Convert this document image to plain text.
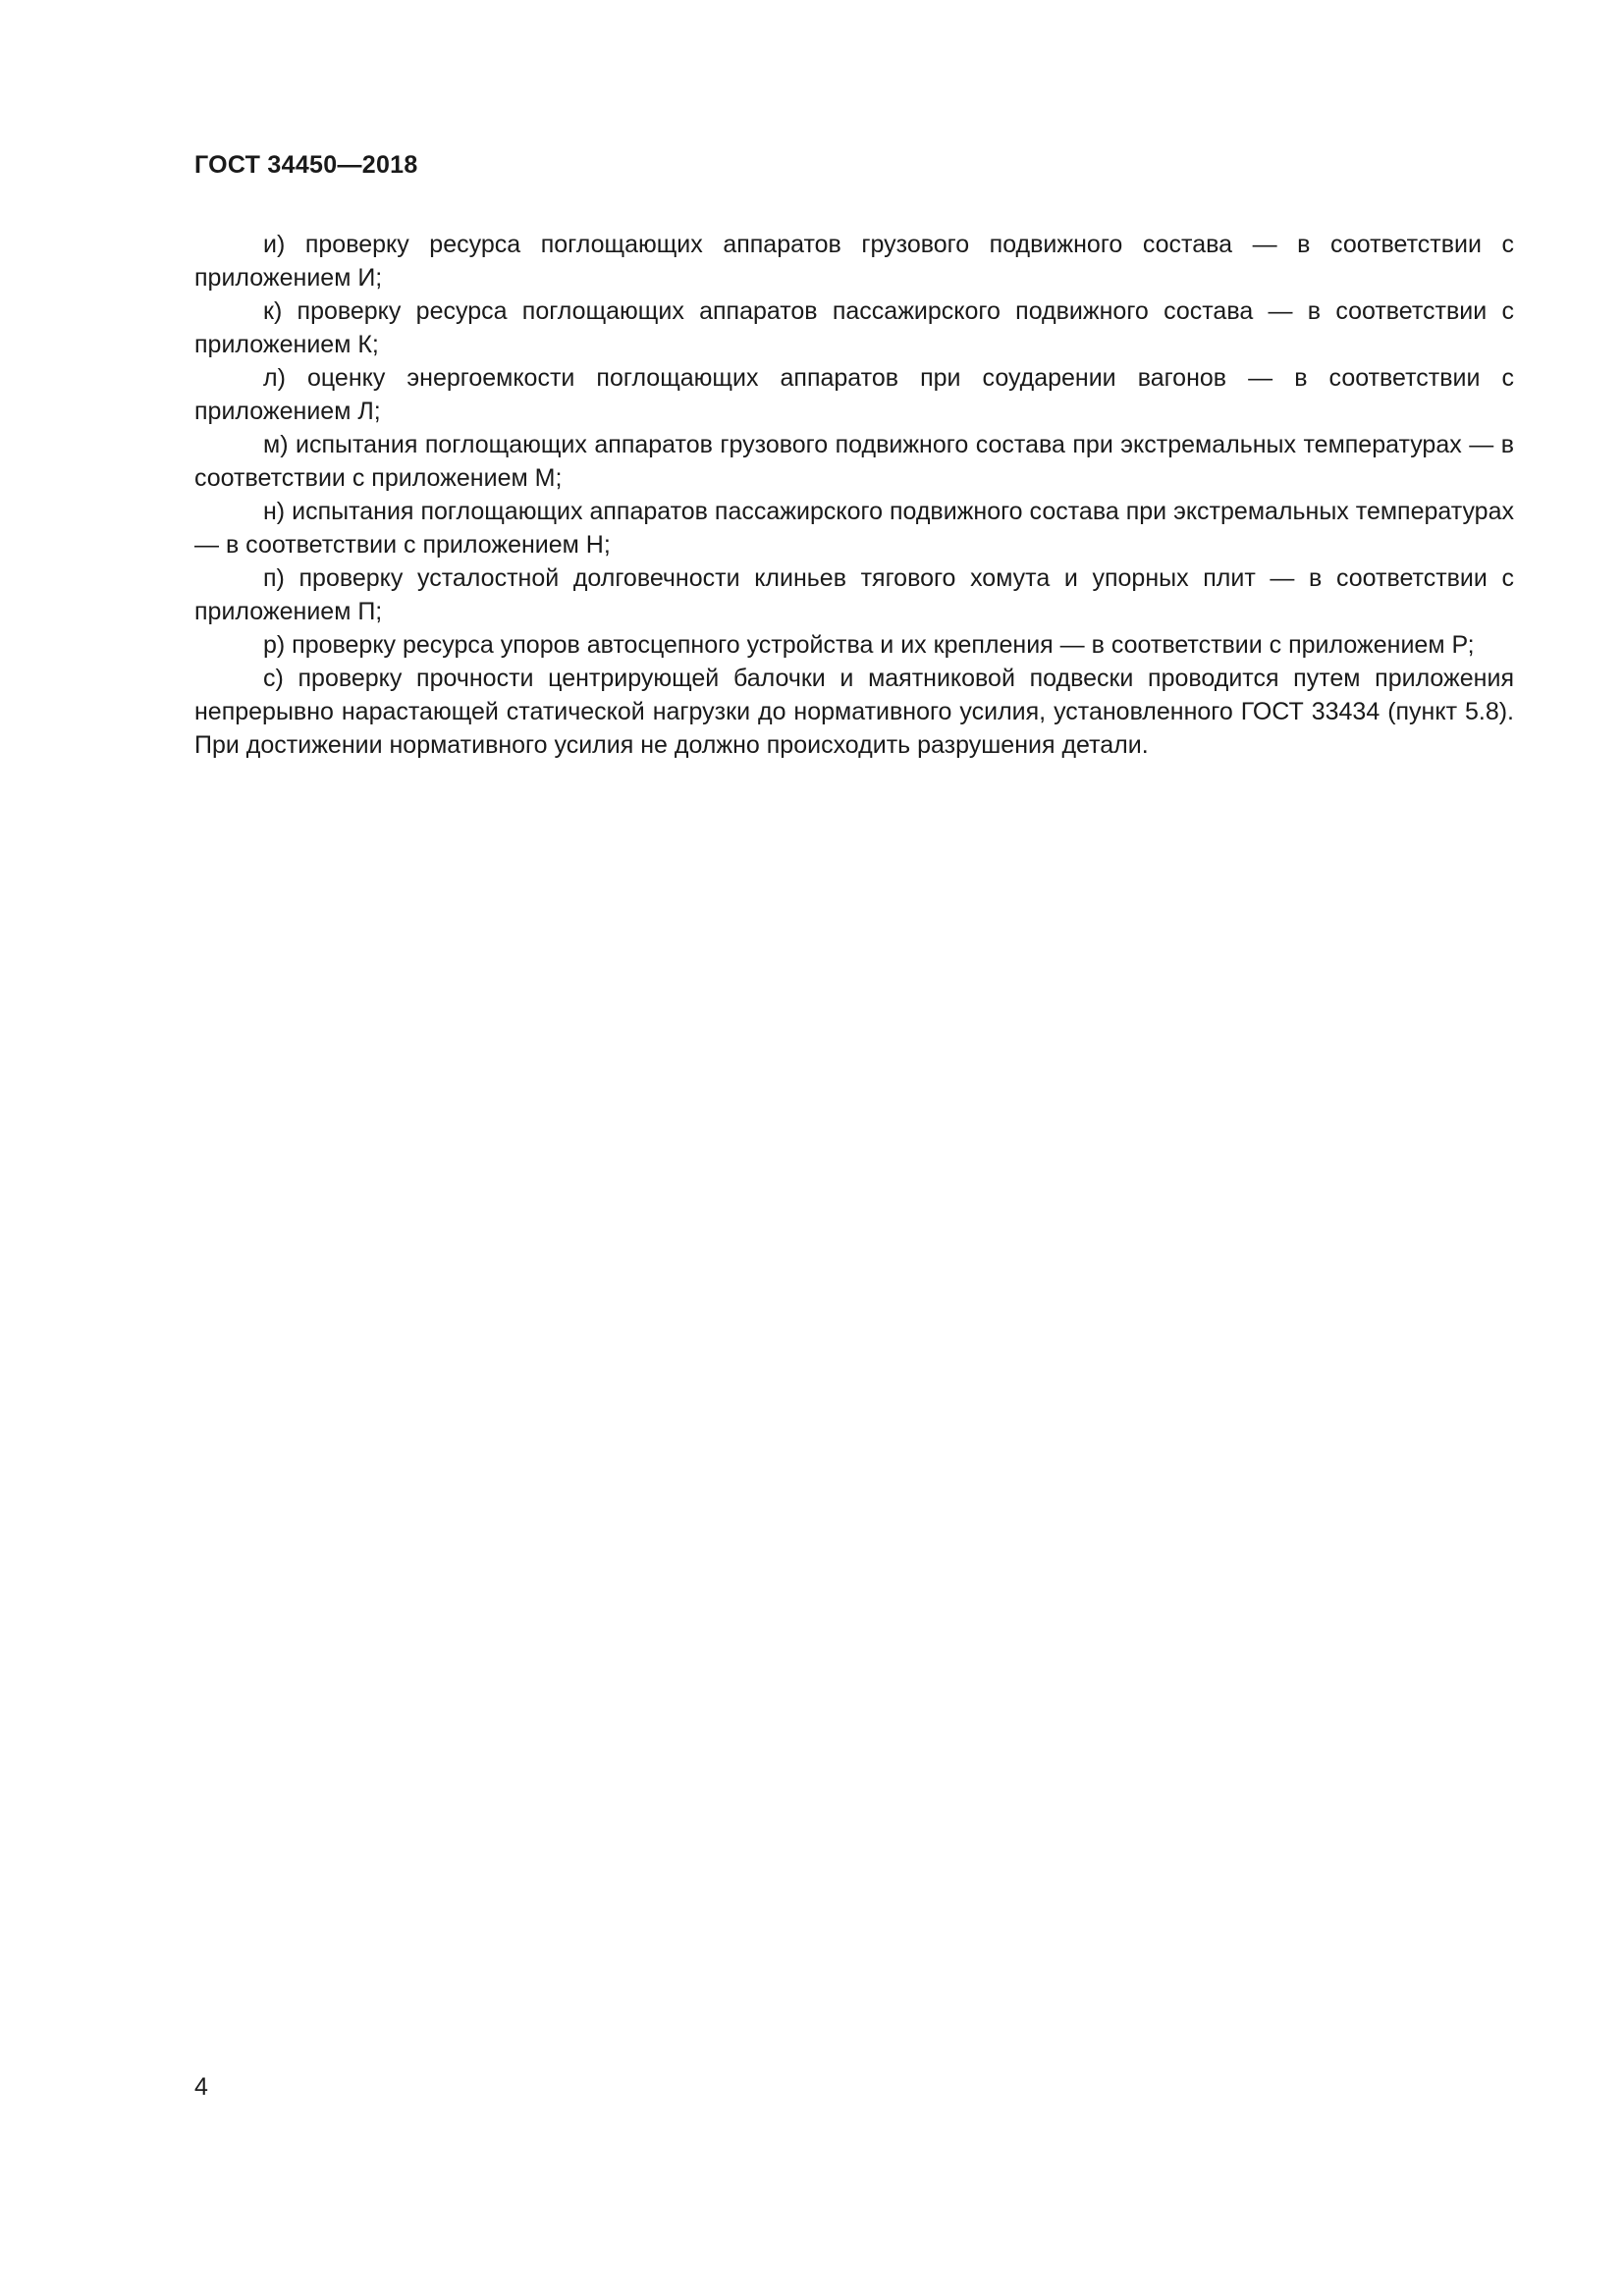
ГОСТ 34450—2018

и) проверку ресурса поглощающих аппаратов грузового подвижного состава — в соответствии с приложением И;

к) проверку ресурса поглощающих аппаратов пассажирского подвижного состава — в соответствии с приложением К;

л) оценку энергоемкости поглощающих аппаратов при соударении вагонов — в соответствии с приложением Л;

м) испытания поглощающих аппаратов грузового подвижного состава при экстремальных температурах — в соответствии с приложением М;

н) испытания поглощающих аппаратов пассажирского подвижного состава при экстремальных температурах — в соответствии с приложением Н;

п) проверку усталостной долговечности клиньев тягового хомута и упорных плит — в соответствии с приложением П;

р) проверку ресурса упоров автосцепного устройства и их крепления — в соответствии с приложением Р;

с) проверку прочности центрирующей балочки и маятниковой подвески проводится путем приложения непрерывно нарастающей статической нагрузки до нормативного усилия, установленного ГОСТ 33434 (пункт 5.8). При достижении нормативного усилия не должно происходить разрушения детали.

4
